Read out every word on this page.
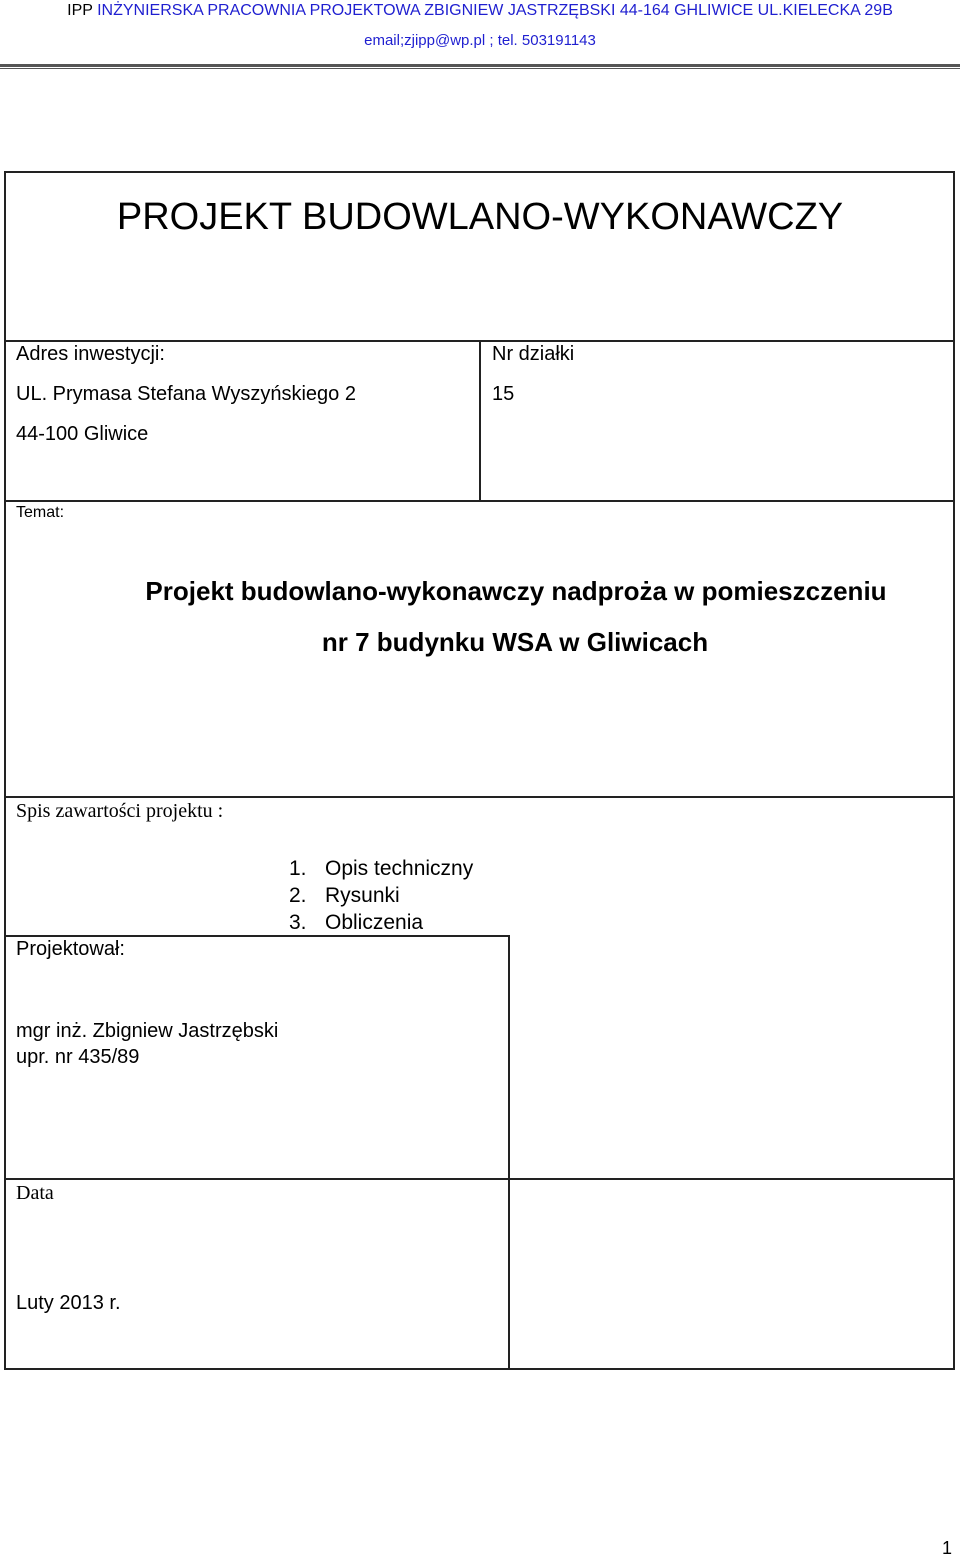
IPP INŻYNIERSKA PRACOWNIA PROJEKTOWA ZBIGNIEW JASTRZĘBSKI 44-164 GHLIWICE UL.KIELECKA 29B
email;zjipp@wp.pl ; tel. 503191143
PROJEKT BUDOWLANO-WYKONAWCZY
Adres inwestycji:
UL. Prymasa Stefana Wyszyńskiego 2
44-100 Gliwice
Nr działki
15
Temat:
Projekt budowlano-wykonawczy nadproża w pomieszczeniu
nr 7 budynku WSA w Gliwicach
Spis zawartości projektu :
1. Opis techniczny
2. Rysunki
3. Obliczenia
Projektował:
mgr inż. Zbigniew Jastrzębski
upr. nr 435/89
Data
Luty 2013 r.
1
